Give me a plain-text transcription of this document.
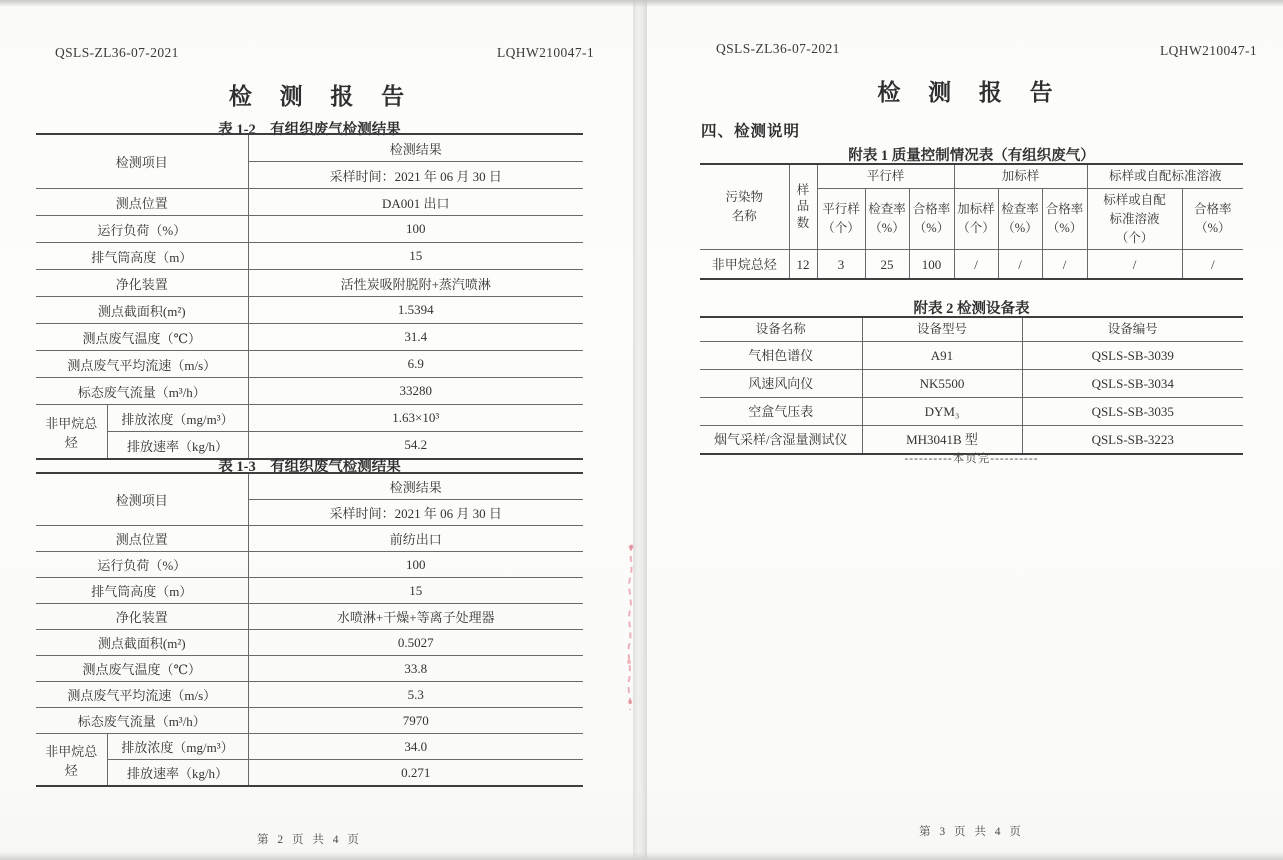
QSLS-ZL36-07-2021	LQHW210047-1
检 测 报 告
表 1-2　有组织废气检测结果
检测项目		检测结果
		采样时间：2021 年 06 月 30 日
测点位置		DA001 出口
运行负荷（%）		100
排气筒高度（m）		15
净化装置		活性炭吸附脱附+蒸汽喷淋
测点截面积(m²)		1.5394
测点废气温度（℃）		31.4
测点废气平均流速（m/s）		6.9
标态废气流量（m³/h）		33280
非甲烷总烃	排放浓度（mg/m³）	1.63×10³
	排放速率（kg/h）	54.2
表 1-3　有组织废气检测结果
检测项目		检测结果
		采样时间：2021 年 06 月 30 日
测点位置		前纺出口
运行负荷（%）		100
排气筒高度（m）		15
净化装置		水喷淋+干燥+等离子处理器
测点截面积(m²)		0.5027
测点废气温度（℃）		33.8
测点废气平均流速（m/s）		5.3
标态废气流量（m³/h）		7970
非甲烷总烃	排放浓度（mg/m³）	34.0
	排放速率（kg/h）	0.271
第 2 页 共 4 页
QSLS-ZL36-07-2021	LQHW210047-1
检 测 报 告
四、检测说明
附表 1 质量控制情况表（有组织废气）
污染物名称	样品数	平行样			加标样			标样或自配标准溶液	
		平行样（个）	检查率（%）	合格率（%）	加标样（个）	检查率（%）	合格率（%）	标样或自配标准溶液（个）	合格率（%）
非甲烷总烃	12	3	25	100	/	/	/	/	/
附表 2 检测设备表
设备名称	设备型号	设备编号
气相色谱仪	A91	QSLS-SB-3039
风速风向仪	NK5500	QSLS-SB-3034
空盒气压表	DYM₃	QSLS-SB-3035
烟气采样/含湿量测试仪	MH3041B 型	QSLS-SB-3223
----------本页完----------
第 3 页 共 4 页
